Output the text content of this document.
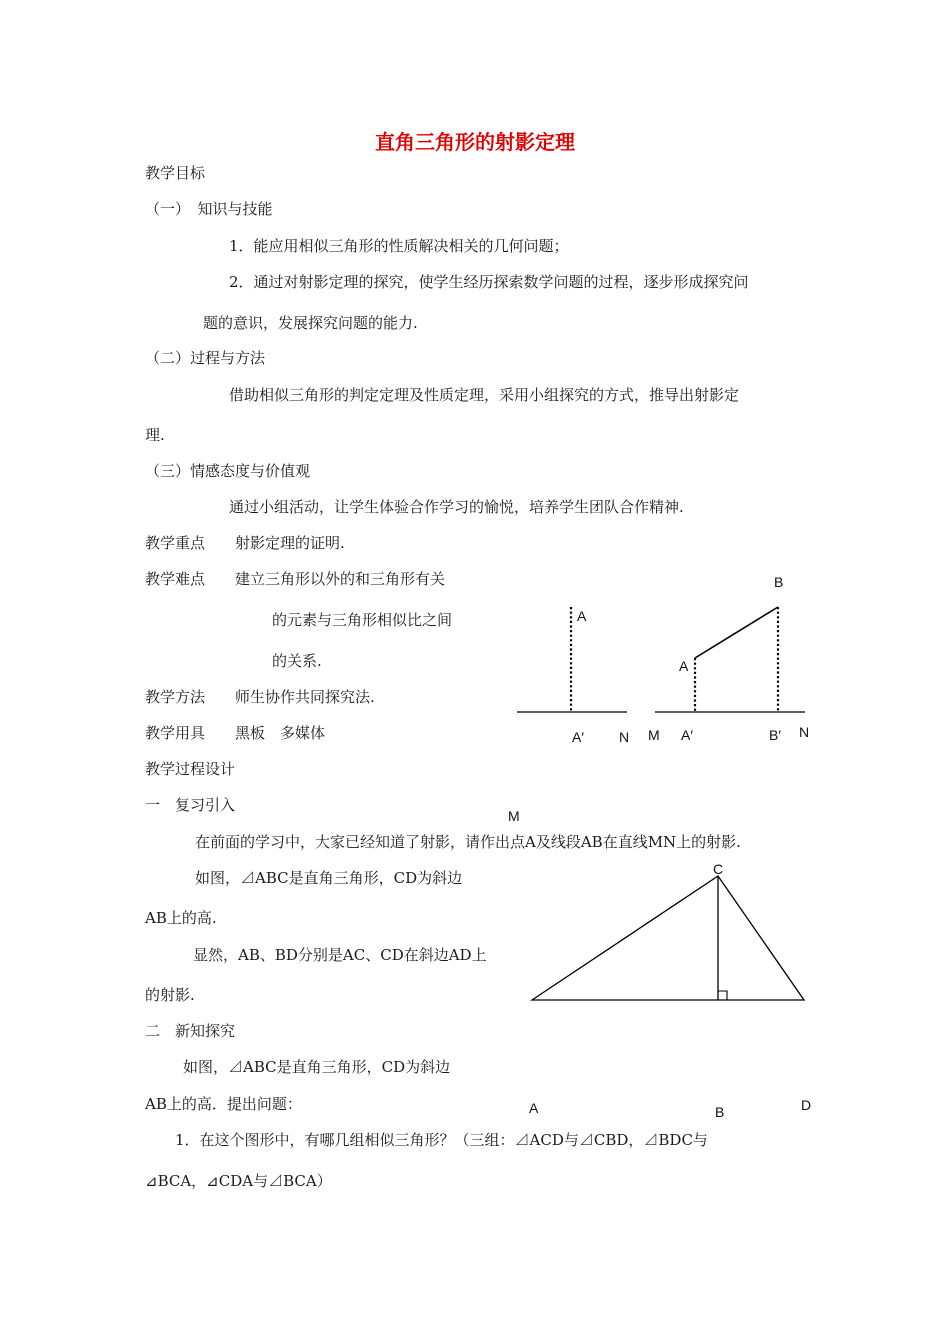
直角三角形的射影定理
教学目标
（一）　知识与技能
1．能应用相似三角形的性质解决相关的几何问题；
2．通过对射影定理的探究，使学生经历探索数学问题的过程，逐步形成探究问
题的意识，发展探究问题的能力.
（二）过程与方法
借助相似三角形的判定定理及性质定理，采用小组探究的方式，推导出射影定
理.
（三）情感态度与价值观
通过小组活动，让学生体验合作学习的愉悦，培养学生团队合作精神.
教学重点　　射影定理的证明.
教学难点　　建立三角形以外的和三角形有关
的元素与三角形相似比之间
的关系.
教学方法　　师生协作共同探究法.
教学用具　　黑板　多媒体
教学过程设计
一　复习引入
在前面的学习中，大家已经知道了射影，请作出点A及线段AB在直线MN上的射影.
如图，⊿ABC是直角三角形，CD为斜边
AB上的高.
显然，AB、BD分别是AC、CD在斜边AD上
的射影.
二　新知探究
如图，⊿ABC是直角三角形，CD为斜边
AB上的高．提出问题：
1．在这个图形中，有哪几组相似三角形？（三组：⊿ACD与⊿CBD，⊿BDC与
⊿BCA，⊿CDA与⊿BCA）
A
A′	N M
B
A
A′	B′ N
M
C
A	B	D
